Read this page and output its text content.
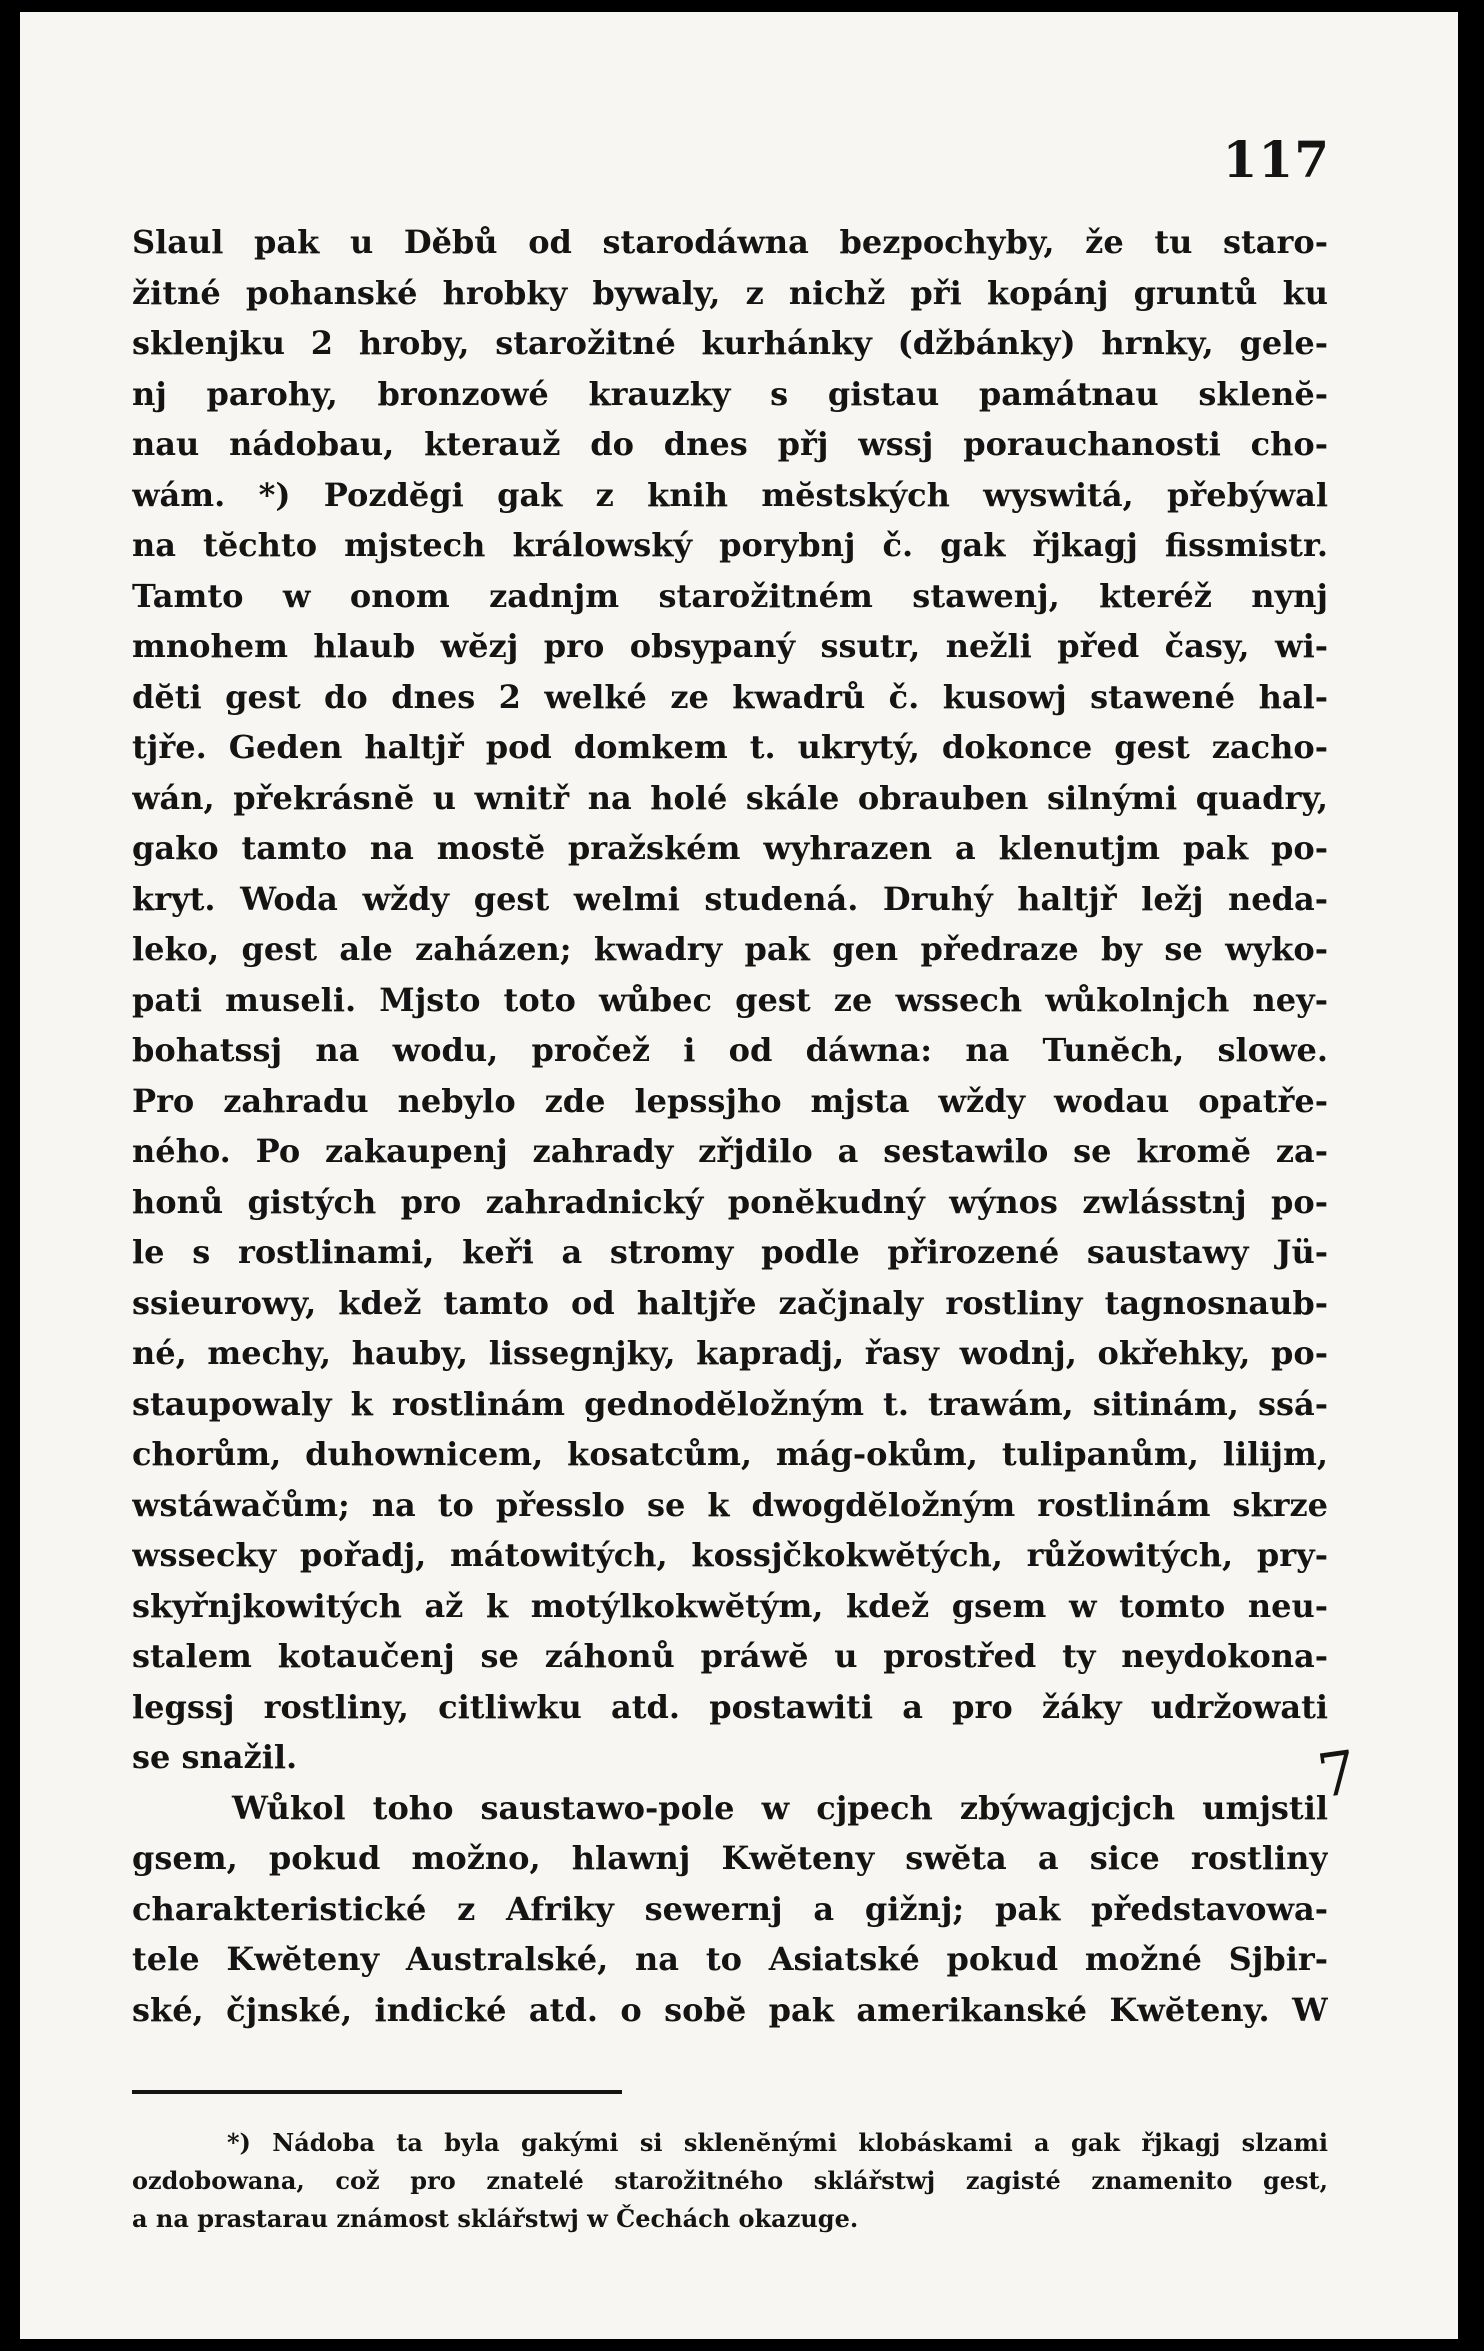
117
Slaul pak u Děbů od starodáwna bezpochyby, že tu staro-
žitné pohanské hrobky bywaly, z nichž při kopánj gruntů ku
sklenjku 2 hroby, starožitné kurhánky (džbánky) hrnky, gele-
nj parohy, bronzowé krauzky s gistau památnau sklenĕ-
nau nádobau, kterauž do dnes přj wssj porauchanosti cho-
wám. *) Pozdĕgi gak z knih mĕstských wyswitá, přebýwal
na tĕchto mjstech králowský porybnj č. gak řjkagj fissmistr.
Tamto w onom zadnjm starožitném stawenj, kteréž nynj
mnohem hlaub wĕzj pro obsypaný ssutr, nežli před časy, wi-
dĕti gest do dnes 2 welké ze kwadrů č. kusowj stawené hal-
tjře. Geden haltjř pod domkem t. ukrytý, dokonce gest zacho-
wán, překrásnĕ u wnitř na holé skále obrauben silnými quadry,
gako tamto na mostĕ pražském wyhrazen a klenutjm pak po-
kryt. Woda wždy gest welmi studená. Druhý haltjř ležj neda-
leko, gest ale zaházen; kwadry pak gen předraze by se wyko-
pati museli. Mjsto toto wůbec gest ze wssech wůkolnjch ney-
bohatssj na wodu, pročež i od dáwna: na Tunĕch, slowe.
Pro zahradu nebylo zde lepssjho mjsta wždy wodau opatře-
ného. Po zakaupenj zahrady zřjdilo a sestawilo se kromĕ za-
honů gistých pro zahradnický ponĕkudný wýnos zwlásstnj po-
le s rostlinami, keři a stromy podle přirozené saustawy Jü-
ssieurowy, kdež tamto od haltjře začjnaly rostliny tagnosnaub-
né, mechy, hauby, lissegnjky, kapradj, řasy wodnj, okřehky, po-
staupowaly k rostlinám gednodĕložným t. trawám, sitinám, ssá-
chorům, duhownicem, kosatcům, mág-okům, tulipanům, lilijm,
wstáwačům; na to přesslo se k dwogdĕložným rostlinám skrze
wssecky pořadj, mátowitých, kossjčkokwĕtých, růžowitých, pry-
skyřnjkowitých až k motýlkokwĕtým, kdež gsem w tomto neu-
stalem kotaučenj se záhonů práwĕ u prostřed ty neydokona-
legssj rostliny, citliwku atd. postawiti a pro žáky udržowati
se snažil.
Wůkol toho saustawo-pole w cjpech zbýwagjcjch umjstil
gsem, pokud možno, hlawnj Kwĕteny swĕta a sice rostliny
charakteristické z Afriky sewernj a gižnj; pak představowa-
tele Kwĕteny Australské, na to Asiatské pokud možné Sjbir-
ské, čjnské, indické atd. o sobĕ pak amerikanské Kwĕteny. W
7
*) Nádoba ta byla gakými si sklenĕnými klobáskami a gak řjkagj slzami
ozdobowana, což pro znatelé starožitného sklářstwj zagisté znamenito gest,
a na prastarau známost sklářstwj w Čechách okazuge.
